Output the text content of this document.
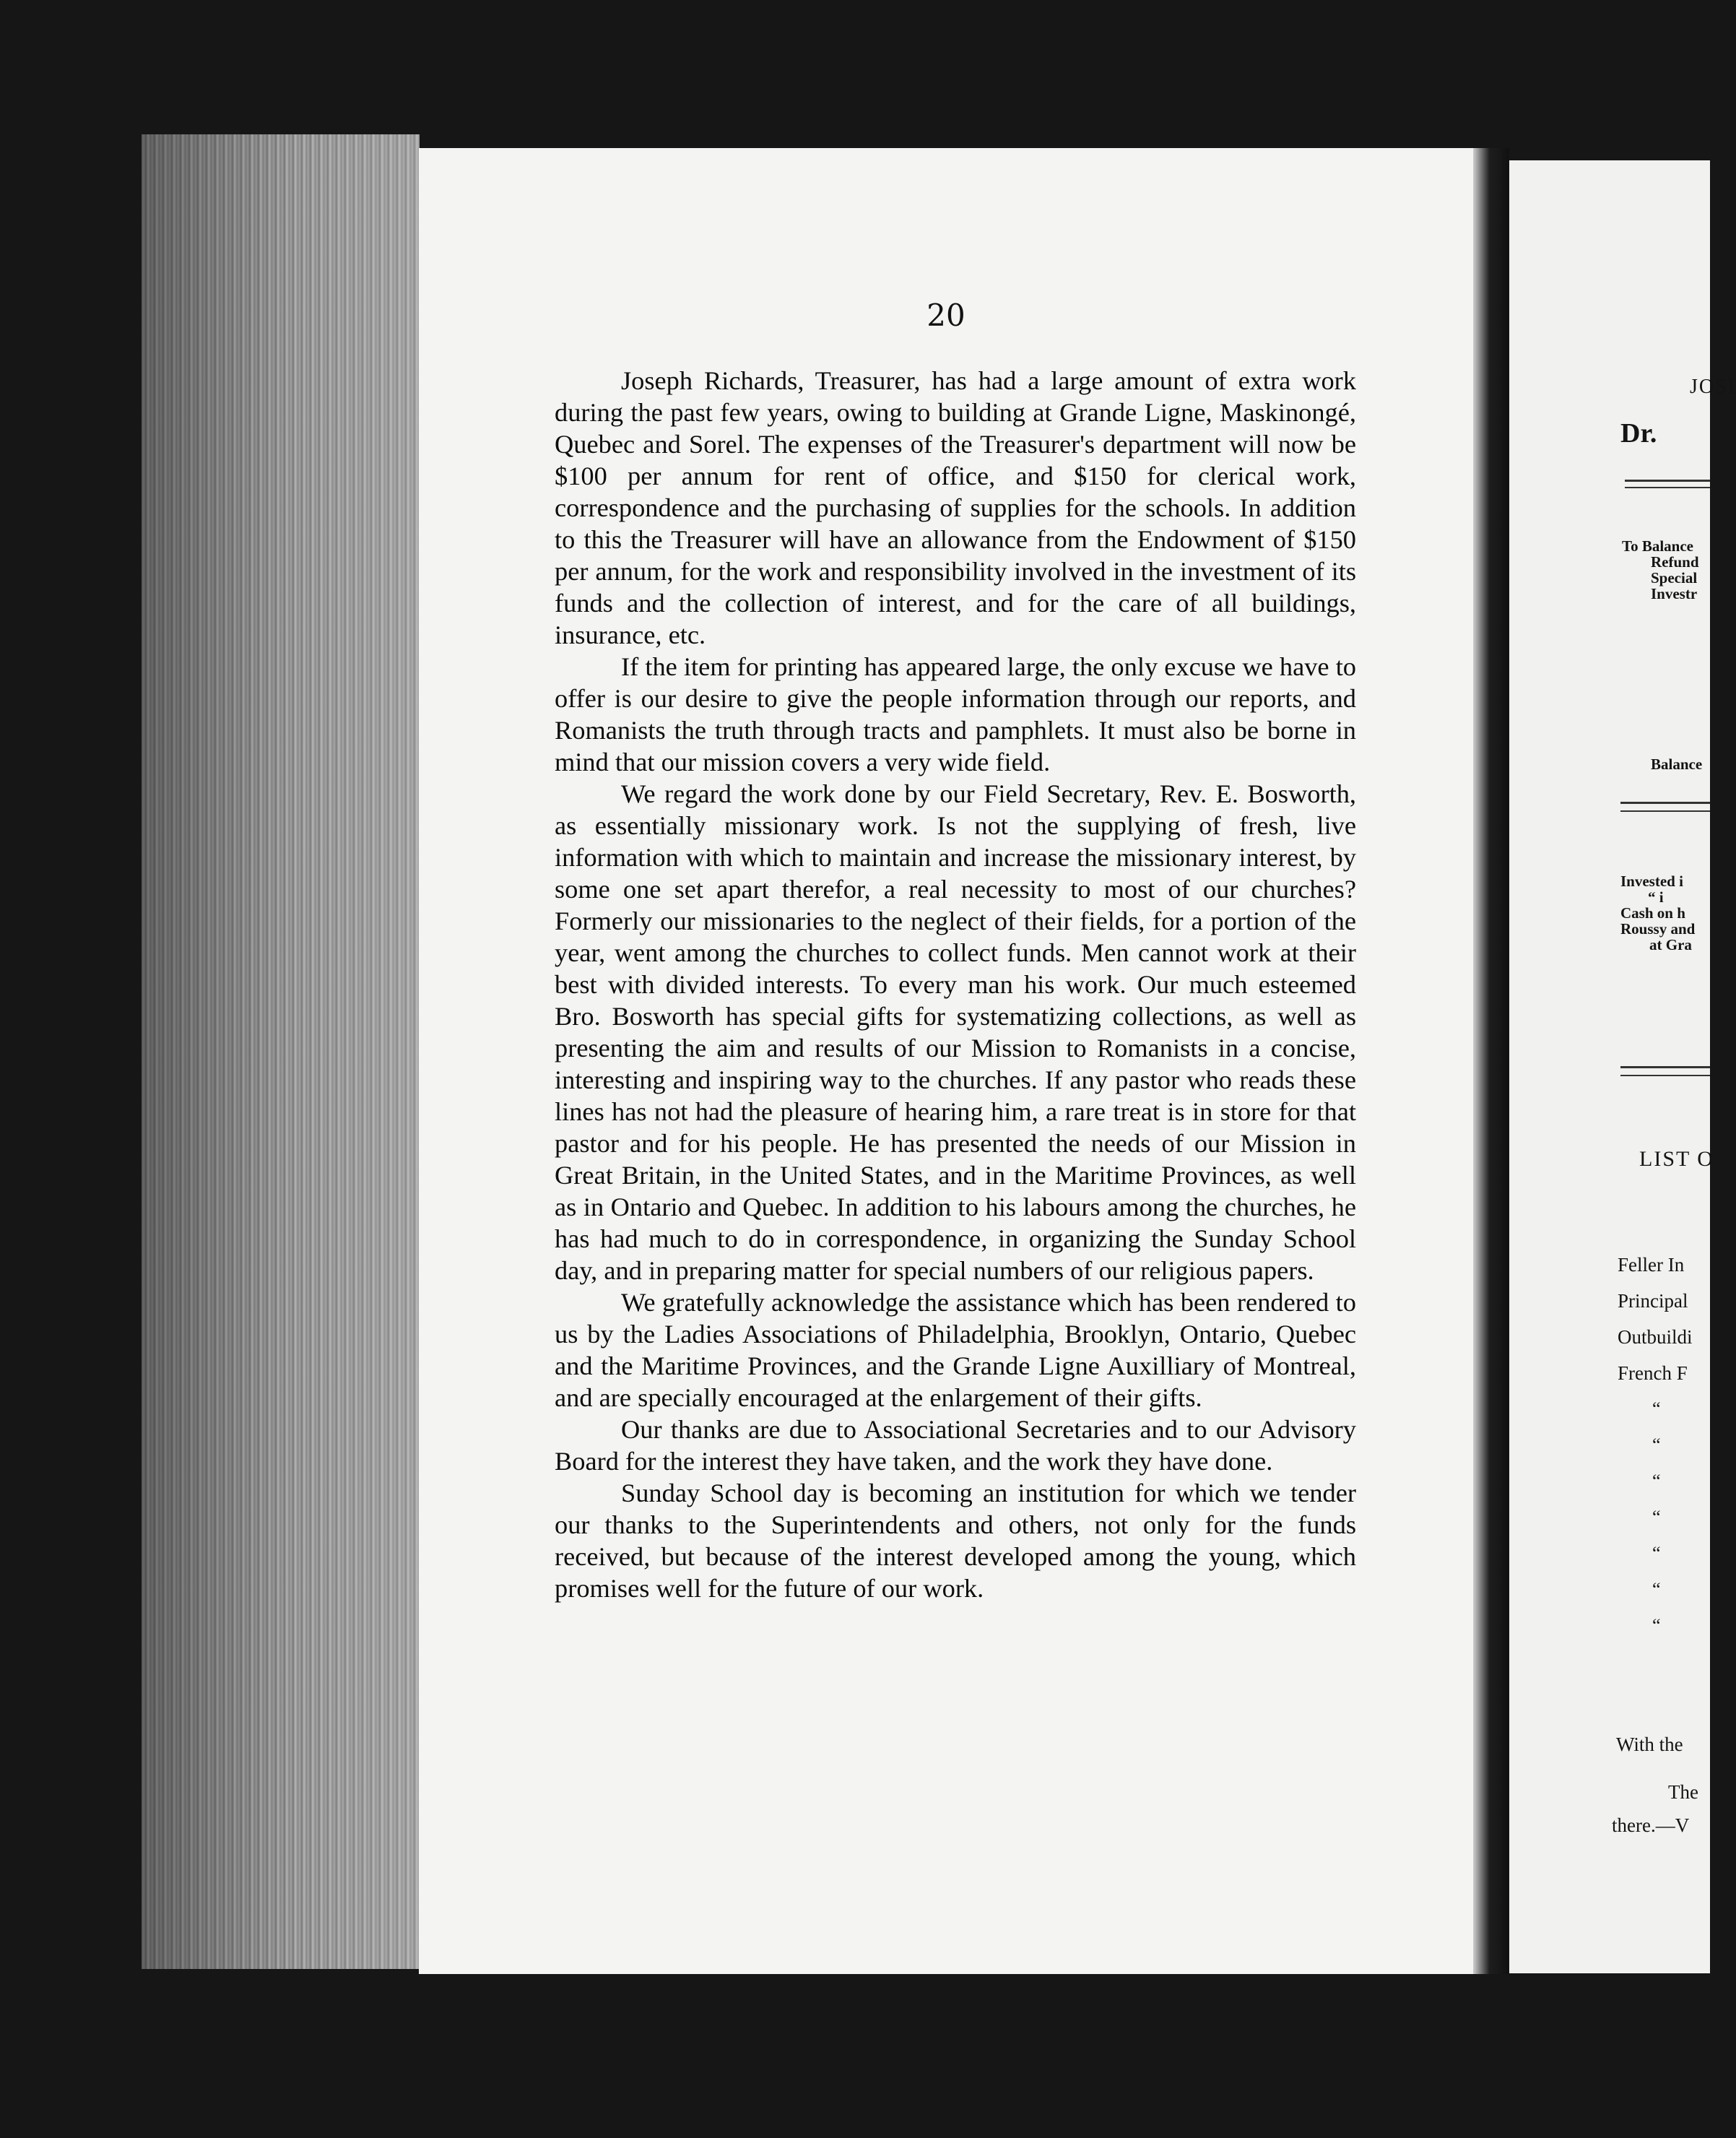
20

Joseph Richards, Treasurer, has had a large amount of extra work during the past few years, owing to building at Grande Ligne, Maskinongé, Quebec and Sorel. The expenses of the Treasurer's department will now be $100 per annum for rent of office, and $150 for clerical work, correspondence and the purchasing of supplies for the schools. In addition to this the Treasurer will have an allowance from the Endowment of $150 per annum, for the work and responsibility involved in the investment of its funds and the collection of interest, and for the care of all buildings, insurance, etc.

If the item for printing has appeared large, the only excuse we have to offer is our desire to give the people information through our reports, and Romanists the truth through tracts and pamphlets. It must also be borne in mind that our mission covers a very wide field.

We regard the work done by our Field Secretary, Rev. E. Bosworth, as essentially missionary work. Is not the supplying of fresh, live information with which to maintain and increase the missionary interest, by some one set apart therefor, a real necessity to most of our churches? Formerly our missionaries to the neglect of their fields, for a portion of the year, went among the churches to collect funds. Men cannot work at their best with divided interests. To every man his work. Our much esteemed Bro. Bosworth has special gifts for systematizing collections, as well as presenting the aim and results of our Mission to Romanists in a concise, interesting and inspiring way to the churches. If any pastor who reads these lines has not had the pleasure of hearing him, a rare treat is in store for that pastor and for his people. He has presented the needs of our Mission in Great Britain, in the United States, and in the Maritime Provinces, as well as in Ontario and Quebec. In addition to his labours among the churches, he has had much to do in correspondence, in organizing the Sunday School day, and in preparing matter for special numbers of our religious papers.

We gratefully acknowledge the assistance which has been rendered to us by the Ladies Associations of Philadelphia, Brooklyn, Ontario, Quebec and the Maritime Provinces, and the Grande Ligne Auxilliary of Montreal, and are specially encouraged at the enlargement of their gifts.

Our thanks are due to Associational Secretaries and to our Advisory Board for the interest they have taken, and the work they have done.

Sunday School day is becoming an institution for which we tender our thanks to the Superintendents and others, not only for the funds received, but because of the interest developed among the young, which promises well for the future of our work.

JOSI
Dr.
To Balance
Refund
Special
Investr
Balance
Invested i
“ i
Cash on h
Roussy and
at Gra
LIST O
Feller In
Principal
Outbuildi
French F
“
“
“
“
“
“
“
With the
The
there.—V
